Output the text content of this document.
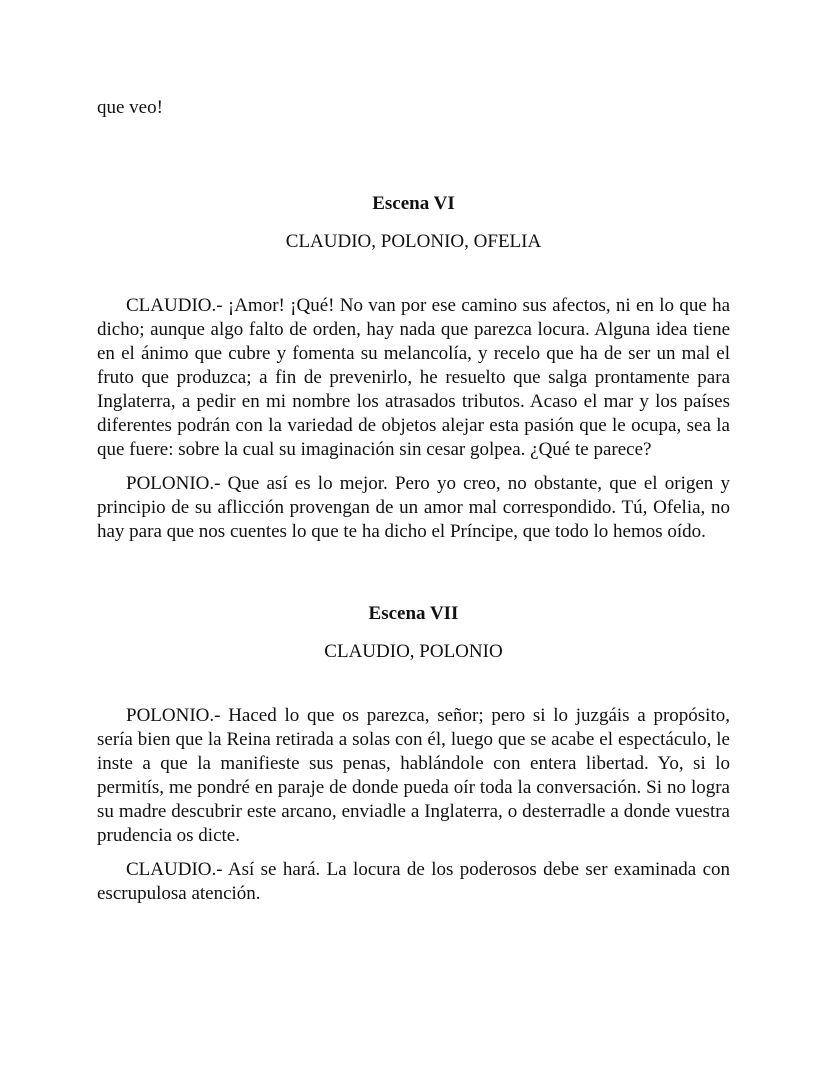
que veo!

Escena VI
CLAUDIO, POLONIO, OFELIA

CLAUDIO.- ¡Amor! ¡Qué! No van por ese camino sus afectos, ni en lo que ha dicho; aunque algo falto de orden, hay nada que parezca locura. Alguna idea tiene en el ánimo que cubre y fomenta su melancolía, y recelo que ha de ser un mal el fruto que produzca; a fin de prevenirlo, he resuelto que salga prontamente para Inglaterra, a pedir en mi nombre los atrasados tributos. Acaso el mar y los países diferentes podrán con la variedad de objetos alejar esta pasión que le ocupa, sea la que fuere: sobre la cual su imaginación sin cesar golpea. ¿Qué te parece?

POLONIO.- Que así es lo mejor. Pero yo creo, no obstante, que el origen y principio de su aflicción provengan de un amor mal correspondido. Tú, Ofelia, no hay para que nos cuentes lo que te ha dicho el Príncipe, que todo lo hemos oído.

Escena VII
CLAUDIO, POLONIO

POLONIO.- Haced lo que os parezca, señor; pero si lo juzgáis a propósito, sería bien que la Reina retirada a solas con él, luego que se acabe el espectáculo, le inste a que la manifieste sus penas, hablándole con entera libertad. Yo, si lo permitís, me pondré en paraje de donde pueda oír toda la conversación. Si no logra su madre descubrir este arcano, enviadle a Inglaterra, o desterradle a donde vuestra prudencia os dicte.

CLAUDIO.- Así se hará. La locura de los poderosos debe ser examinada con escrupulosa atención.
